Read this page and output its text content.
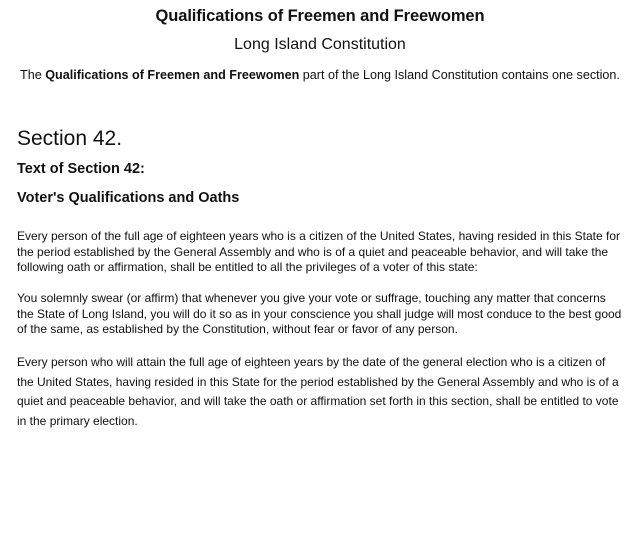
Qualifications of Freemen and Freewomen
Long Island Constitution
The Qualifications of Freemen and Freewomen part of the Long Island Constitution contains one section.
Section 42.
Text of Section 42:
Voter's Qualifications and Oaths
Every person of the full age of eighteen years who is a citizen of the United States, having resided in this State for the period established by the General Assembly and who is of a quiet and peaceable behavior, and will take the following oath or affirmation, shall be entitled to all the privileges of a voter of this state:
You solemnly swear (or affirm) that whenever you give your vote or suffrage, touching any matter that concerns the State of Long Island, you will do it so as in your conscience you shall judge will most conduce to the best good of the same, as established by the Constitution, without fear or favor of any person.
Every person who will attain the full age of eighteen years by the date of the general election who is a citizen of the United States, having resided in this State for the period established by the General Assembly and who is of a quiet and peaceable behavior, and will take the oath or affirmation set forth in this section, shall be entitled to vote in the primary election.
